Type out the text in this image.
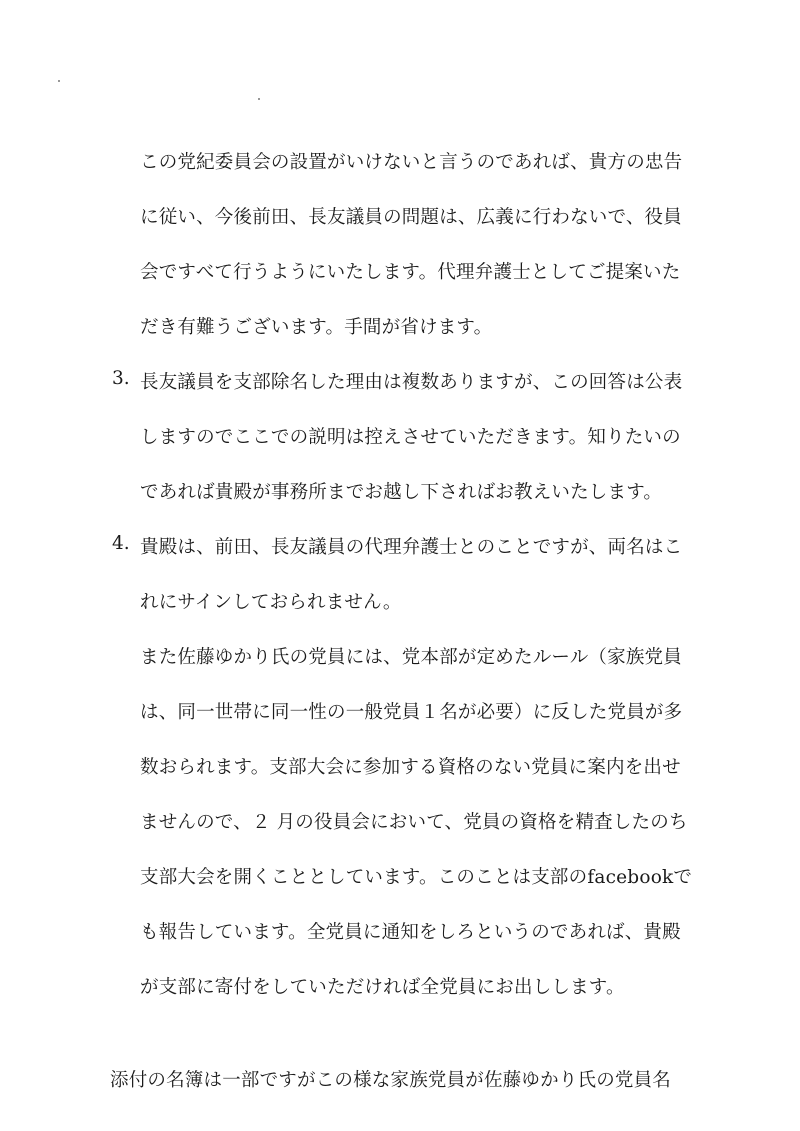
この党紀委員会の設置がいけないと言うのであれば、貴方の忠告
に従い、今後前田、長友議員の問題は、広義に行わないで、役員
会ですべて行うようにいたします。代理弁護士としてご提案いた
だき有難うございます。手間が省けます。
3. 長友議員を支部除名した理由は複数ありますが、この回答は公表
しますのでここでの説明は控えさせていただきます。知りたいの
であれば貴殿が事務所までお越し下さればお教えいたします。
4. 貴殿は、前田、長友議員の代理弁護士とのことですが、両名はこ
れにサインしておられません。
また佐藤ゆかり氏の党員には、党本部が定めたルール（家族党員
は、同一世帯に同一性の一般党員１名が必要）に反した党員が多
数おられます。支部大会に参加する資格のない党員に案内を出せ
ませんので、２ 月の役員会において、党員の資格を精査したのち
支部大会を開くこととしています。このことは支部のfacebookで
も報告しています。全党員に通知をしろというのであれば、貴殿
が支部に寄付をしていただければ全党員にお出しします。
添付の名簿は一部ですがこの様な家族党員が佐藤ゆかり氏の党員名
